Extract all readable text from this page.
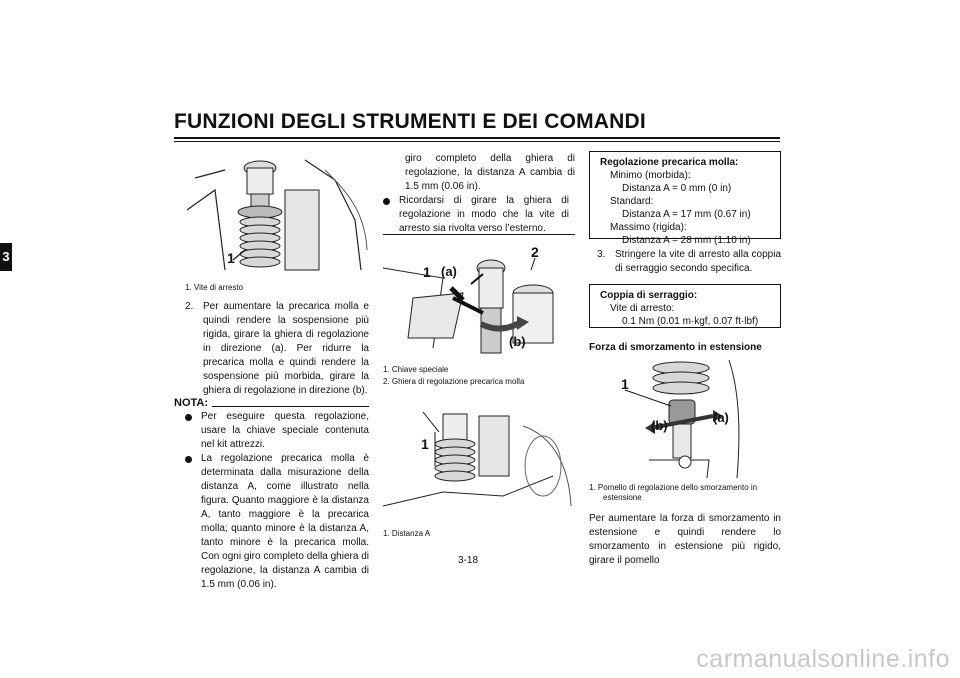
FUNZIONI DEGLI STRUMENTI E DEI COMANDI
3	1
1. Vite di arresto
2. Per aumentare la precarica molla e quindi rendere la sospensione più rigida, girare la ghiera di regolazione in direzione (a). Per ridurre la precarica molla e quindi rendere la sospensione più morbida, girare la ghiera di regolazione in direzione (b).
NOTA:
Per eseguire questa regolazione, usare la chiave speciale contenuta nel kit attrezzi.
La regolazione precarica molla è determinata dalla misurazione della distanza A, come illustrato nella figura. Quanto maggiore è la distanza A, tanto maggiore è la precarica molla; quanto minore è la distanza A, tanto minore è la precarica molla. Con ogni giro completo della ghiera di regolazione, la distanza A cambia di 1.5 mm (0.06 in).
giro completo della ghiera di regolazione, la distanza A cambia di 1.5 mm (0.06 in).
Ricordarsi di girare la ghiera di regolazione in modo che la vite di arresto sia rivolta verso l’esterno.
1 (a)
2
(b)
1. Chiave speciale
2. Ghiera di regolazione precarica molla
1
1. Distanza A
Regolazione precarica molla:
Minimo (morbida):
Distanza A = 0 mm (0 in)
Standard:
Distanza A = 17 mm (0.67 in)
Massimo (rigida):
Distanza A = 28 mm (1.10 in)
3. Stringere la vite di arresto alla coppia di serraggio secondo specifica.
Coppia di serraggio:
Vite di arresto:
0.1 Nm (0.01 m·kgf, 0.07 ft·lbf)
Forza di smorzamento in estensione
1
(b)
(a)
1. Pomello di regolazione dello smorzamento in
estensione
Per aumentare la forza di smorzamento in estensione e quindi rendere lo smorzamento in estensione più rigido, girare il pomello
3-18
carmanualsonline.info
